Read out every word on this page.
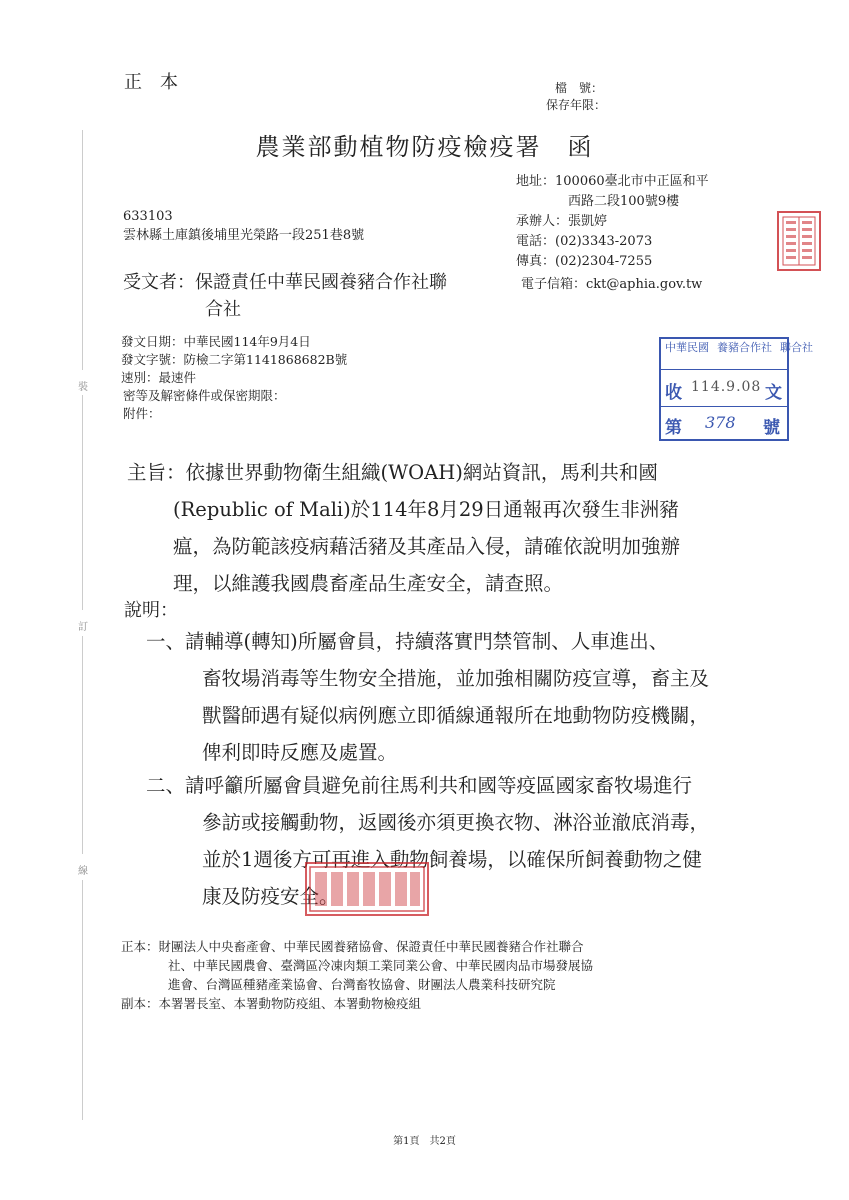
裝
訂
線
正本	檔　號：
保存年限：
農業部動植物防疫檢疫署　函
地址：100060臺北市中正區和平
西路二段100號9樓
承辦人：張凱婷
電話：(02)3343-2073
傳真：(02)2304-7255
電子信箱：ckt@aphia.gov.tw
633103
雲林縣土庫鎮後埔里光榮路一段251巷8號
受文者：保證責任中華民國養豬合作社聯
合社
發文日期：中華民國114年9月4日
發文字號：防檢二字第1141868682B號
速別：最速件
密等及解密條件或保密期限：
附件：
中華民國 養豬合作社 聯合社
收 114.9.08 文
第 378 號
主旨：依據世界動物衛生組織(WOAH)網站資訊，馬利共和國
(Republic of Mali)於114年8月29日通報再次發生非洲豬
瘟，為防範該疫病藉活豬及其產品入侵，請確依說明加強辦
理，以維護我國農畜產品生產安全，請查照。
說明：
一、請輔導(轉知)所屬會員，持續落實門禁管制、人車進出、
畜牧場消毒等生物安全措施，並加強相關防疫宣導，畜主及
獸醫師遇有疑似病例應立即循線通報所在地動物防疫機關，
俾利即時反應及處置。
二、請呼籲所屬會員避免前往馬利共和國等疫區國家畜牧場進行
參訪或接觸動物，返國後亦須更換衣物、淋浴並澈底消毒，
並於1週後方可再進入動物飼養場，以確保所飼養動物之健
康及防疫安全。
正本：財團法人中央畜產會、中華民國養豬協會、保證責任中華民國養豬合作社聯合
社、中華民國農會、臺灣區冷凍肉類工業同業公會、中華民國肉品市場發展協
進會、台灣區種豬產業協會、台灣畜牧協會、財團法人農業科技研究院
副本：本署署長室、本署動物防疫組、本署動物檢疫組
第1頁　共2頁
